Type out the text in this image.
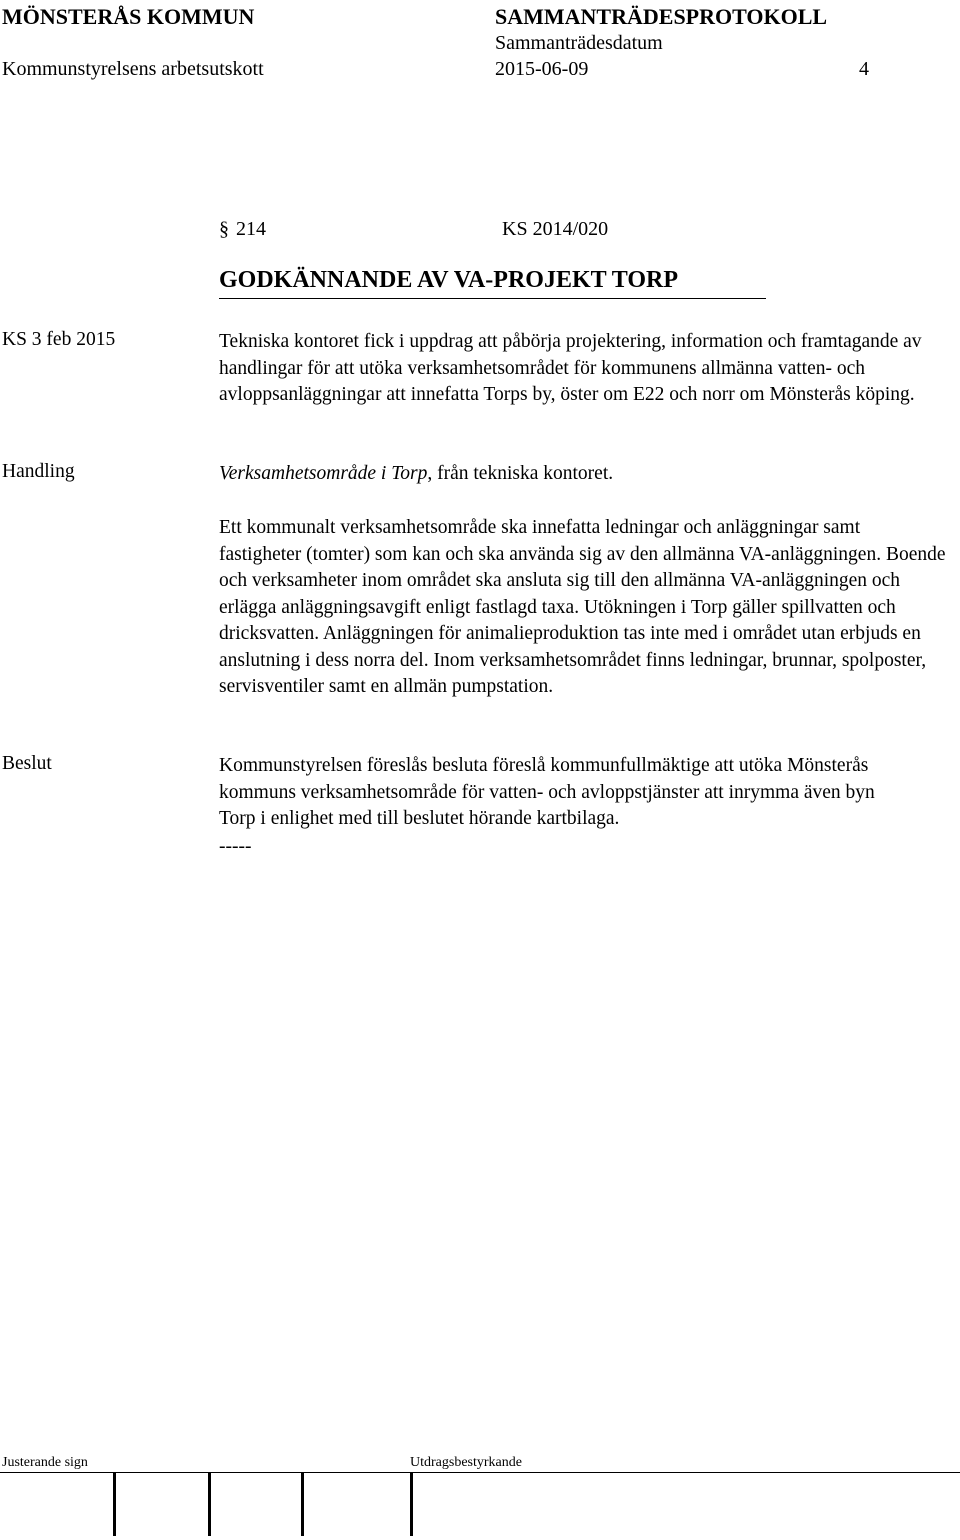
MÖNSTERÅS KOMMUN	SAMMANTRÄDESPROTOKOLL
Sammanträdesdatum
Kommunstyrelsens arbetsutskott	2015-06-09	4
§ 214	KS 2014/020
GODKÄNNANDE AV VA-PROJEKT TORP
KS 3 feb 2015	Tekniska kontoret fick i uppdrag att påbörja projektering, information och framtagande av handlingar för att utöka verksamhetsområdet för kommunens allmänna vatten- och avloppsanläggningar att innefatta Torps by, öster om E22 och norr om Mönsterås köping.
Handling	Verksamhetsområde i Torp, från tekniska kontoret.
Ett kommunalt verksamhetsområde ska innefatta ledningar och anläggningar samt fastigheter (tomter) som kan och ska använda sig av den allmänna VA-anläggningen. Boende och verksamheter inom området ska ansluta sig till den allmänna VA-anläggningen och erlägga anläggningsavgift enligt fastlagd taxa. Utökningen i Torp gäller spillvatten och dricksvatten. Anläggningen för animalieproduktion tas inte med i området utan erbjuds en anslutning i dess norra del. Inom verksamhetsområdet finns ledningar, brunnar, spolposter, servisventiler samt en allmän pumpstation.
Beslut	Kommunstyrelsen föreslås besluta föreslå kommunfullmäktige att utöka Mönsterås kommuns verksamhetsområde för vatten- och avloppstjänster att inrymma även byn Torp i enlighet med till beslutet hörande kartbilaga.
-----
Justerande sign	Utdragsbestyrkande
